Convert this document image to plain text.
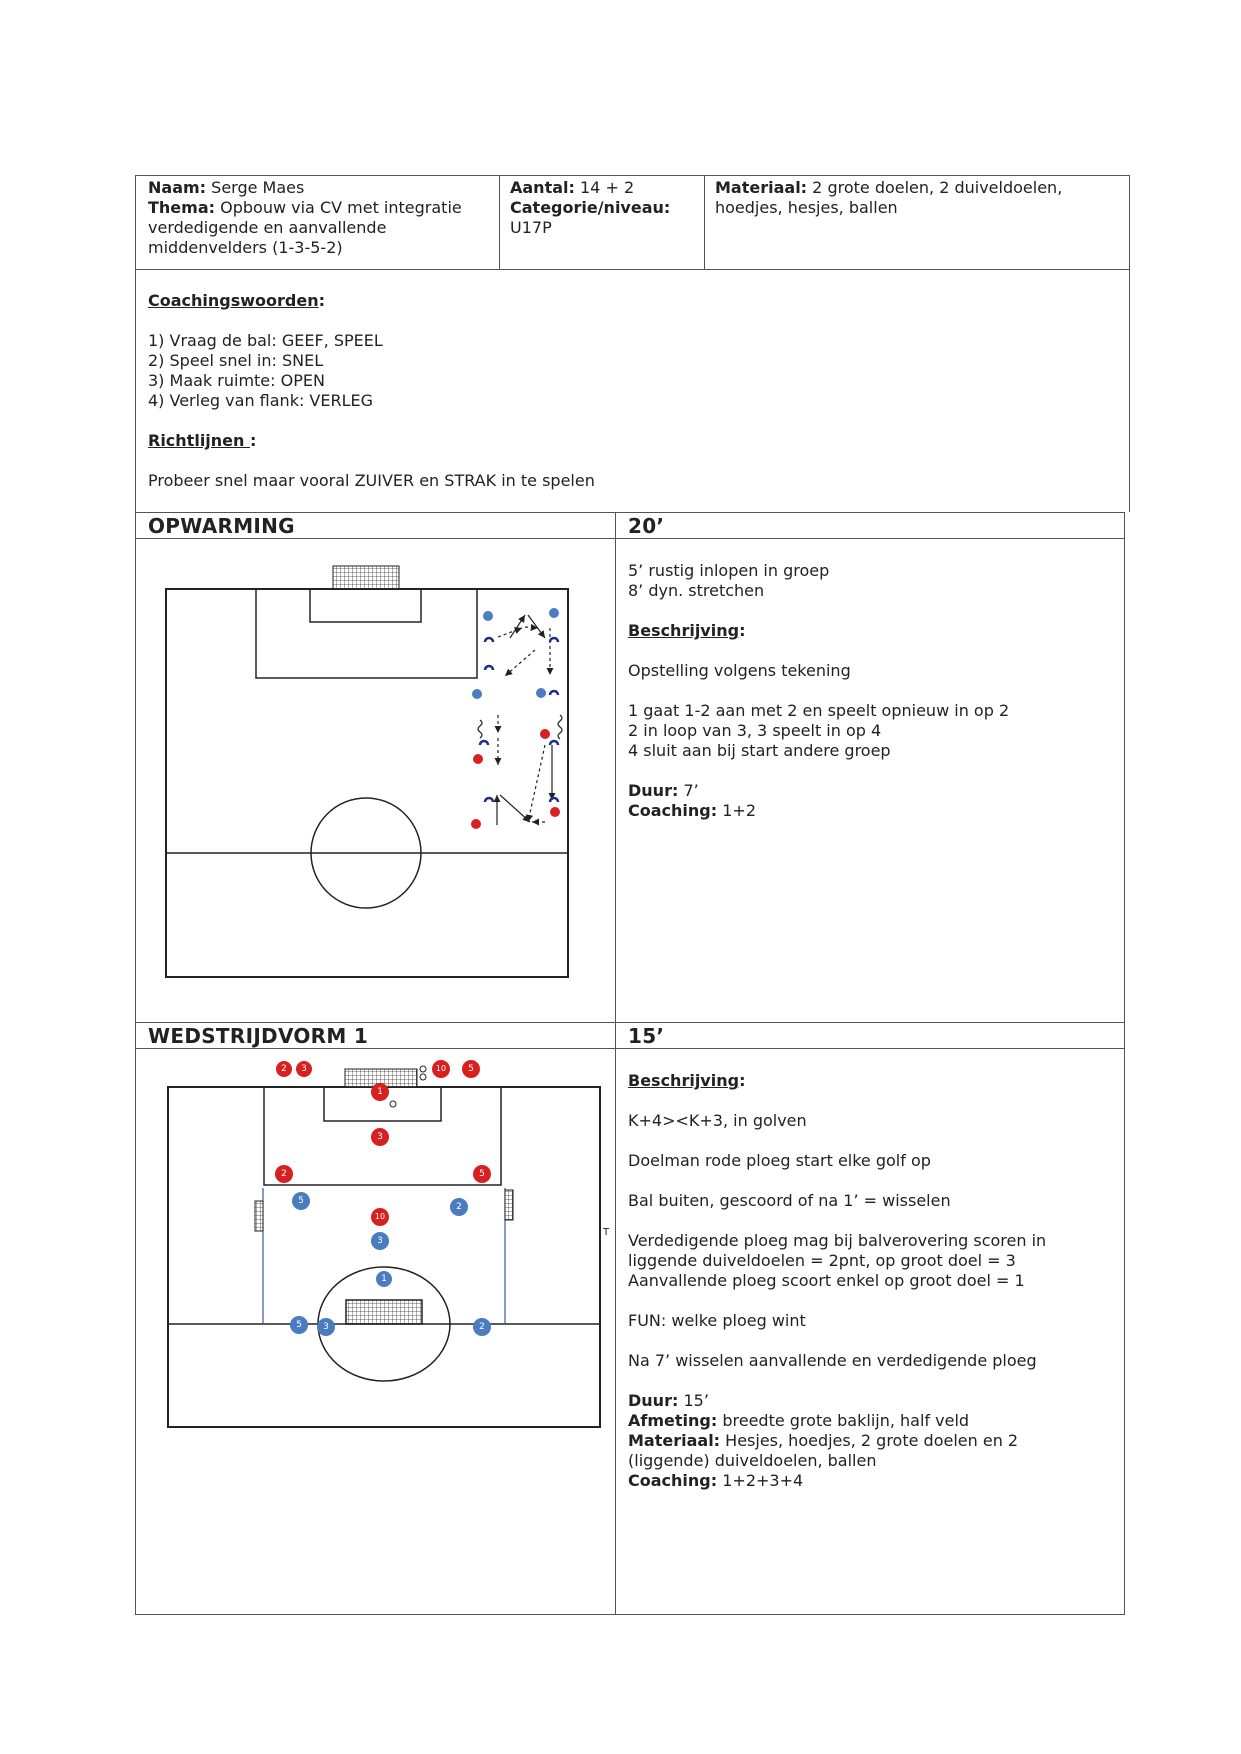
Naam: Serge Maes
Thema: Opbouw via CV met integratie
verdedigende en aanvallende
middenvelders (1-3-5-2)
Aantal: 14 + 2
Categorie/niveau:
U17P
Materiaal: 2 grote doelen, 2 duiveldoelen,
hoedjes, hesjes, ballen
Coachingswoorden:
1) Vraag de bal: GEEF, SPEEL
2) Speel snel in: SNEL
3) Maak ruimte: OPEN
4) Verleg van flank: VERLEG
Richtlijnen :
Probeer snel maar vooral ZUIVER en STRAK in te spelen
OPWARMING	20’
WEDSTRIJDVORM 1	15’
5’ rustig inlopen in groep
8’ dyn. stretchen
Beschrijving:
Opstelling volgens tekening
1 gaat 1-2 aan met 2 en speelt opnieuw in op 2
2 in loop van 3, 3 speelt in op 4
4 sluit aan bij start andere groep
Duur: 7’
Coaching: 1+2
Beschrijving:
K+4><K+3, in golven
Doelman rode ploeg start elke golf op
Bal buiten, gescoord of na 1’ = wisselen
Verdedigende ploeg mag bij balverovering scoren in
liggende duiveldoelen = 2pnt, op groot doel = 3
Aanvallende ploeg scoort enkel op groot doel = 1
FUN: welke ploeg wint
Na 7’ wisselen aanvallende en verdedigende ploeg
Duur: 15’
Afmeting: breedte grote baklijn, half veld
Materiaal: Hesjes, hoedjes, 2 grote doelen en 2
(liggende) duiveldoelen, ballen
Coaching: 1+2+3+4
T
2	3	10	5
1
3
2	5
10
5
2
3
1
5	3	2
